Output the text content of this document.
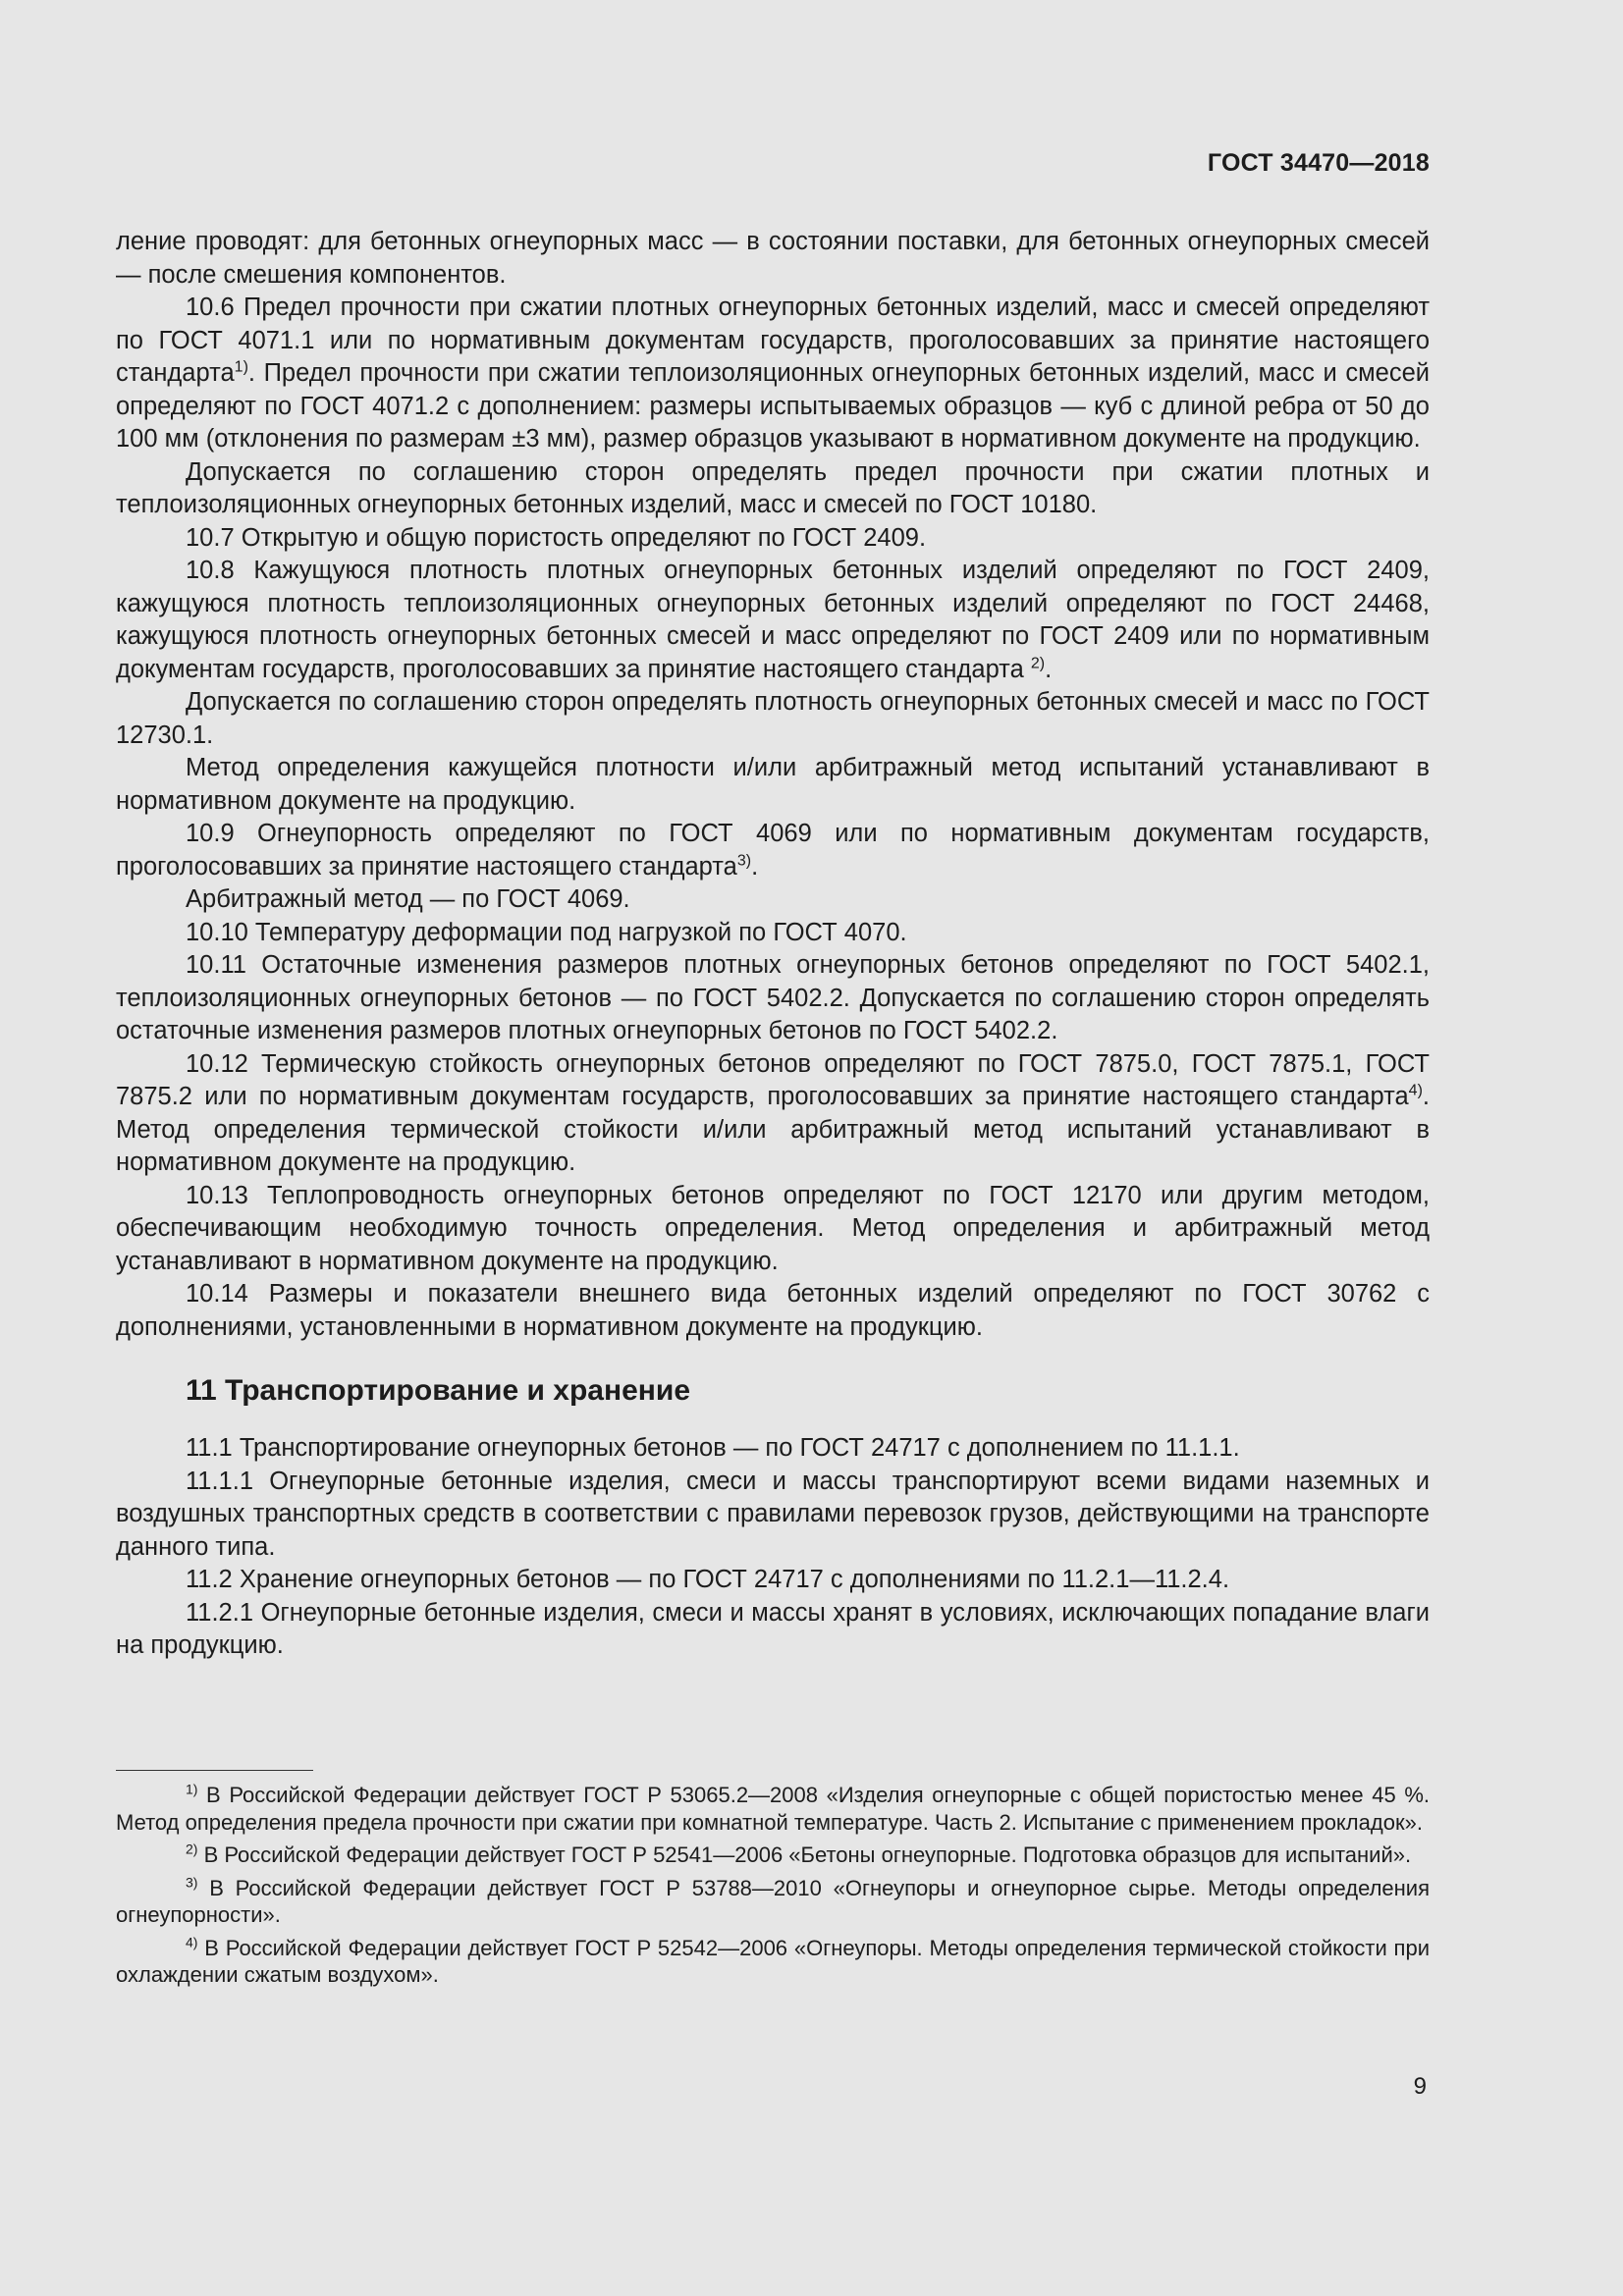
ГОСТ 34470—2018

ление проводят: для бетонных огнеупорных масс — в состоянии поставки, для бетонных огнеупорных смесей — после смешения компонентов.

10.6 Предел прочности при сжатии плотных огнеупорных бетонных изделий, масс и смесей определяют по ГОСТ 4071.1 или по нормативным документам государств, проголосовавших за принятие настоящего стандарта$^{1)}$. Предел прочности при сжатии теплоизоляционных огнеупорных бетонных изделий, масс и смесей определяют по ГОСТ 4071.2 с дополнением: размеры испытываемых образцов — куб с длиной ребра от 50 до 100 мм (отклонения по размерам ±3 мм), размер образцов указывают в нормативном документе на продукцию.

Допускается по соглашению сторон определять предел прочности при сжатии плотных и теплоизоляционных огнеупорных бетонных изделий, масс и смесей по ГОСТ 10180.

10.7 Открытую и общую пористость определяют по ГОСТ 2409.

10.8 Кажущуюся плотность плотных огнеупорных бетонных изделий определяют по ГОСТ 2409, кажущуюся плотность теплоизоляционных огнеупорных бетонных изделий определяют по ГОСТ 24468, кажущуюся плотность огнеупорных бетонных смесей и масс определяют по ГОСТ 2409 или по нормативным документам государств, проголосовавших за принятие настоящего стандарта $^{2)}$.

Допускается по соглашению сторон определять плотность огнеупорных бетонных смесей и масс по ГОСТ 12730.1.

Метод определения кажущейся плотности и/или арбитражный метод испытаний устанавливают в нормативном документе на продукцию.

10.9 Огнеупорность определяют по ГОСТ 4069 или по нормативным документам государств, проголосовавших за принятие настоящего стандарта$^{3)}$.

Арбитражный метод — по ГОСТ 4069.

10.10 Температуру деформации под нагрузкой по ГОСТ 4070.

10.11 Остаточные изменения размеров плотных огнеупорных бетонов определяют по ГОСТ 5402.1, теплоизоляционных огнеупорных бетонов — по ГОСТ 5402.2. Допускается по соглашению сторон определять остаточные изменения размеров плотных огнеупорных бетонов по ГОСТ 5402.2.

10.12 Термическую стойкость огнеупорных бетонов определяют по ГОСТ 7875.0, ГОСТ 7875.1, ГОСТ 7875.2 или по нормативным документам государств, проголосовавших за принятие настоящего стандарта$^{4)}$. Метод определения термической стойкости и/или арбитражный метод испытаний устанавливают в нормативном документе на продукцию.

10.13 Теплопроводность огнеупорных бетонов определяют по ГОСТ 12170 или другим методом, обеспечивающим необходимую точность определения. Метод определения и арбитражный метод устанавливают в нормативном документе на продукцию.

10.14 Размеры и показатели внешнего вида бетонных изделий определяют по ГОСТ 30762 с дополнениями, установленными в нормативном документе на продукцию.

11 Транспортирование и хранение

11.1 Транспортирование огнеупорных бетонов — по ГОСТ 24717 с дополнением по 11.1.1.

11.1.1 Огнеупорные бетонные изделия, смеси и массы транспортируют всеми видами наземных и воздушных транспортных средств в соответствии с правилами перевозок грузов, действующими на транспорте данного типа.

11.2 Хранение огнеупорных бетонов — по ГОСТ 24717 с дополнениями по 11.2.1—11.2.4.

11.2.1 Огнеупорные бетонные изделия, смеси и массы хранят в условиях, исключающих попадание влаги на продукцию.

$^{1)}$ В Российской Федерации действует ГОСТ Р 53065.2—2008 «Изделия огнеупорные с общей пористостью менее 45 %. Метод определения предела прочности при сжатии при комнатной температуре. Часть 2. Испытание с применением прокладок».

$^{2)}$ В Российской Федерации действует ГОСТ Р 52541—2006 «Бетоны огнеупорные. Подготовка образцов для испытаний».

$^{3)}$ В Российской Федерации действует ГОСТ Р 53788—2010 «Огнеупоры и огнеупорное сырье. Методы определения огнеупорности».

$^{4)}$ В Российской Федерации действует ГОСТ Р 52542—2006 «Огнеупоры. Методы определения термической стойкости при охлаждении сжатым воздухом».

9
